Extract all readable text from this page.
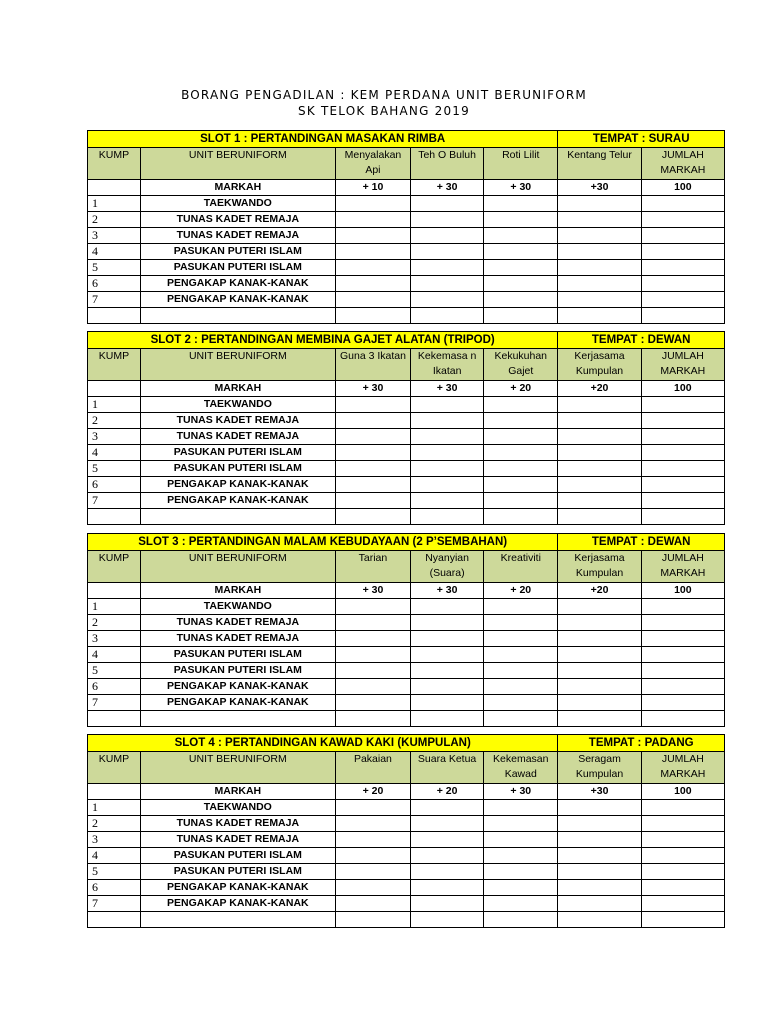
BORANG PENGADILAN : KEM PERDANA UNIT BERUNIFORM
SK TELOK BAHANG 2019
SLOT 1 : PERTANDINGAN MASAKAN RIMBA					TEMPAT : SURAU	
KUMP	UNIT BERUNIFORM	Menyalakan Api	Teh O Buluh	Roti Lilit	Kentang Telur	JUMLAH MARKAH
	MARKAH	+ 10	+ 30	+ 30	+30	100
1	TAEKWANDO					
2	TUNAS KADET REMAJA					
3	TUNAS KADET REMAJA					
4	PASUKAN PUTERI ISLAM					
5	PASUKAN PUTERI ISLAM					
6	PENGAKAP KANAK-KANAK					
7	PENGAKAP KANAK-KANAK					

SLOT 2 : PERTANDINGAN MEMBINA GAJET ALATAN (TRIPOD)					TEMPAT : DEWAN	
KUMP	UNIT BERUNIFORM	Guna 3 Ikatan	Kekemasa n Ikatan	Kekukuhan Gajet	Kerjasama Kumpulan	JUMLAH MARKAH
	MARKAH	+ 30	+ 30	+ 20	+20	100
1	TAEKWANDO					
2	TUNAS KADET REMAJA					
3	TUNAS KADET REMAJA					
4	PASUKAN PUTERI ISLAM					
5	PASUKAN PUTERI ISLAM					
6	PENGAKAP KANAK-KANAK					
7	PENGAKAP KANAK-KANAK					

SLOT 3 : PERTANDINGAN MALAM KEBUDAYAAN (2 P’SEMBAHAN)					TEMPAT : DEWAN	
KUMP	UNIT BERUNIFORM	Tarian	Nyanyian (Suara)	Kreativiti	Kerjasama Kumpulan	JUMLAH MARKAH
	MARKAH	+ 30	+ 30	+ 20	+20	100
1	TAEKWANDO					
2	TUNAS KADET REMAJA					
3	TUNAS KADET REMAJA					
4	PASUKAN PUTERI ISLAM					
5	PASUKAN PUTERI ISLAM					
6	PENGAKAP KANAK-KANAK					
7	PENGAKAP KANAK-KANAK					

SLOT 4 : PERTANDINGAN KAWAD KAKI (KUMPULAN)					TEMPAT : PADANG	
KUMP	UNIT BERUNIFORM	Pakaian	Suara Ketua	Kekemasan Kawad	Seragam Kumpulan	JUMLAH MARKAH
	MARKAH	+ 20	+ 20	+ 30	+30	100
1	TAEKWANDO					
2	TUNAS KADET REMAJA					
3	TUNAS KADET REMAJA					
4	PASUKAN PUTERI ISLAM					
5	PASUKAN PUTERI ISLAM					
6	PENGAKAP KANAK-KANAK					
7	PENGAKAP KANAK-KANAK					
